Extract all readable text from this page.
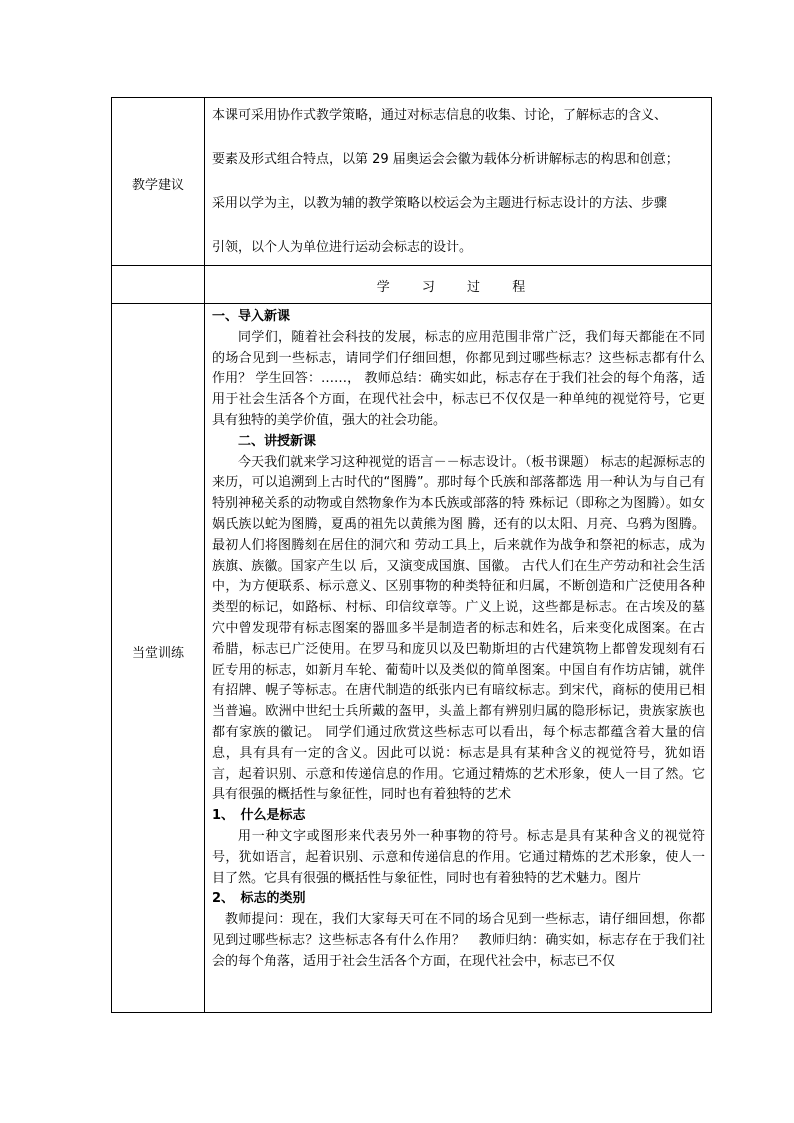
教学建议

本课可采用协作式教学策略，通过对标志信息的收集、讨论，了解标志的含义、

要素及形式组合特点，以第 29 届奥运会会徽为载体分析讲解标志的构思和创意；

采用以学为主，以教为辅的教学策略以校运会为主题进行标志设计的方法、步骤

引领，以个人为单位进行运动会标志的设计。

学 习 过 程
当堂训练
一、导入新课

同学们，随着社会科技的发展，标志的应用范围非常广泛，我们每天都能在不同的场合见到一些标志，请同学们仔细回想，你都见到过哪些标志？这些标志都有什么作用？ 学生回答：……， 教师总结：确实如此，标志存在于我们社会的每个角落，适用于社会生活各个方面，在现代社会中，标志已不仅仅是一种单纯的视觉符号，它更具有独特的美学价值，强大的社会功能。

二、讲授新课

今天我们就来学习这种视觉的语言－－标志设计。（板书课题） 标志的起源标志的来历，可以追溯到上古时代的“图腾”。那时每个氏族和部落都选 用一种认为与自己有特别神秘关系的动物或自然物象作为本氏族或部落的特 殊标记（即称之为图腾）。如女娲氏族以蛇为图腾，夏禹的祖先以黄熊为图 腾，还有的以太阳、月亮、乌鸦为图腾。最初人们将图腾刻在居住的洞穴和 劳动工具上，后来就作为战争和祭祀的标志，成为族旗、族徽。国家产生以 后，又演变成国旗、国徽。 古代人们在生产劳动和社会生活中，为方便联系、标示意义、区别事物的种类特征和归属，不断创造和广泛使用各种类型的标记，如路标、村标、印信纹章等。广义上说，这些都是标志。在古埃及的墓穴中曾发现带有标志图案的器皿多半是制造者的标志和姓名，后来变化成图案。在古希腊，标志已广泛使用。在罗马和庞贝以及巴勒斯坦的古代建筑物上都曾发现刻有石匠专用的标志，如新月车轮、葡萄叶以及类似的简单图案。中国自有作坊店铺，就伴有招牌、幌子等标志。在唐代制造的纸张内已有暗纹标志。到宋代，商标的使用已相当普遍。欧洲中世纪士兵所戴的盔甲，头盖上都有辨别归属的隐形标记，贵族家族也都有家族的徽记。 同学们通过欣赏这些标志可以看出，每个标志都蕴含着大量的信息，具有具有一定的含义。因此可以说：标志是具有某种含义的视觉符号，犹如语言，起着识别、示意和传递信息的作用。它通过精炼的艺术形象，使人一目了然。它具有很强的概括性与象征性，同时也有着独特的艺术

1、　什么是标志

用一种文字或图形来代表另外一种事物的符号。标志是具有某种含义的视觉符号，犹如语言，起着识别、示意和传递信息的作用。它通过精炼的艺术形象，使人一目了然。它具有很强的概括性与象征性，同时也有着独特的艺术魅力。图片

2、　标志的类别

教师提问：现在，我们大家每天可在不同的场合见到一些标志，请仔细回想，你都见到过哪些标志？这些标志各有什么作用？　教师归纳：确实如，标志存在于我们社会的每个角落，适用于社会生活各个方面，在现代社会中，标志已不仅
